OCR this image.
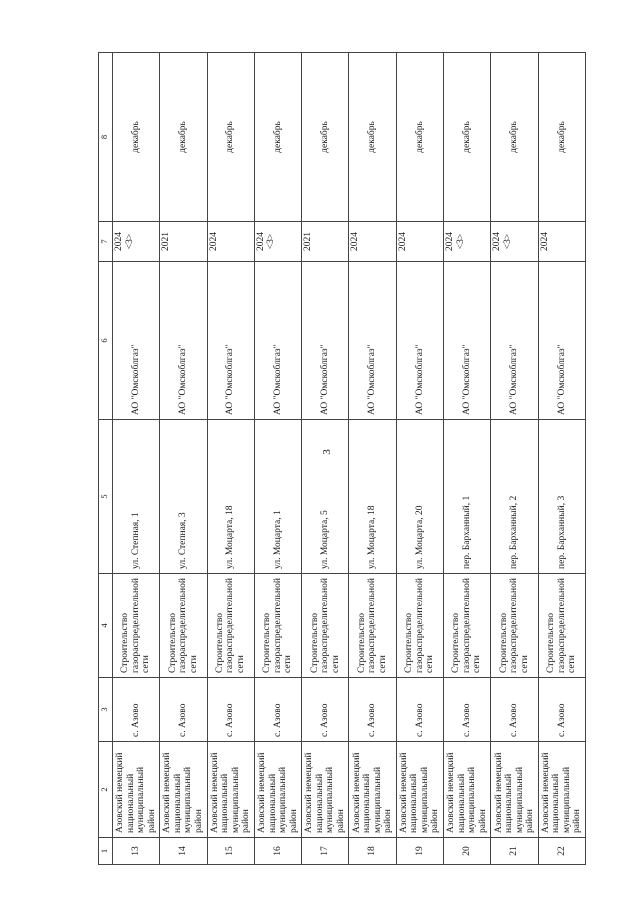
3
1	2	3	4	5	6	7	8
13	Азовский немецкий национальный муниципальный район	с. Азово	Строительство газораспределительной сети	ул. Степная, 1	АО "Омскоблгаз"	2024 <3>	декабрь
14	Азовский немецкий национальный муниципальный район	с. Азово	Строительство газораспределительной сети	ул. Степная, 3	АО "Омскоблгаз"	2021	декабрь
15	Азовский немецкий национальный муниципальный район	с. Азово	Строительство газораспределительной сети	ул. Моцарта, 18	АО "Омскоблгаз"	2024	декабрь
16	Азовский немецкий национальный муниципальный район	с. Азово	Строительство газораспределительной сети	ул. Моцарта, 1	АО "Омскоблгаз"	2024 <3>	декабрь
17	Азовский немецкий национальный муниципальный район	с. Азово	Строительство газораспределительной сети	ул. Моцарта, 5	АО "Омскоблгаз"	2021	декабрь
18	Азовский немецкий национальный муниципальный район	с. Азово	Строительство газораспределительной сети	ул. Моцарта, 18	АО "Омскоблгаз"	2024	декабрь
19	Азовский немецкий национальный муниципальный район	с. Азово	Строительство газораспределительной сети	ул. Моцарта, 20	АО "Омскоблгаз"	2024	декабрь
20	Азовский немецкий национальный муниципальный район	с. Азово	Строительство газораспределительной сети	пер. Барханный, 1	АО "Омскоблгаз"	2024 <3>	декабрь
21	Азовский немецкий национальный муниципальный район	с. Азово	Строительство газораспределительной сети	пер. Барханный, 2	АО "Омскоблгаз"	2024 <3>	декабрь
22	Азовский немецкий национальный муниципальный район	с. Азово	Строительство газораспределительной сети	пер. Барханный, 3	АО "Омскоблгаз"	2024	декабрь
